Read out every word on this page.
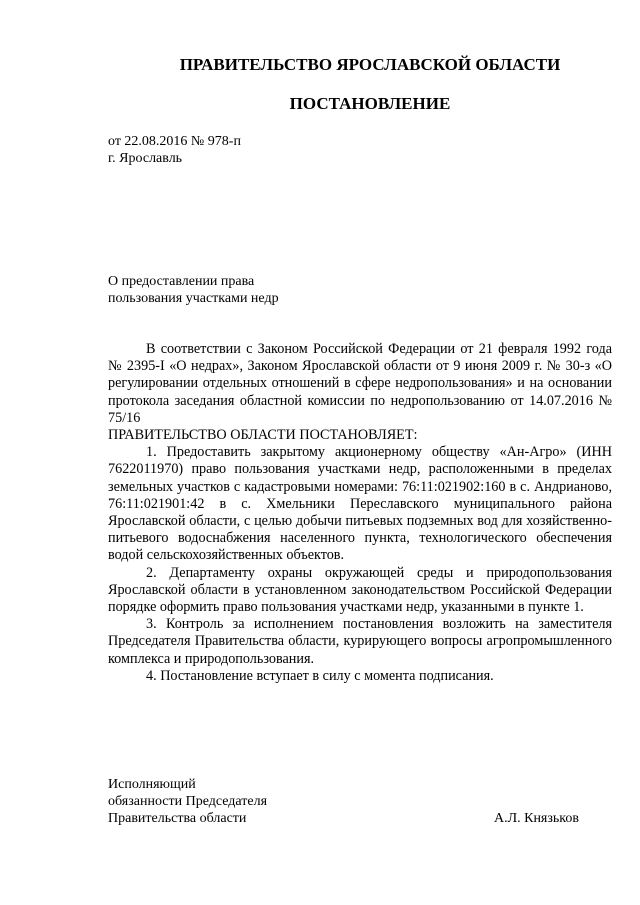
ПРАВИТЕЛЬСТВО ЯРОСЛАВСКОЙ ОБЛАСТИ
ПОСТАНОВЛЕНИЕ
от 22.08.2016 № 978-п
г. Ярославль
О предоставлении права
пользования участками недр

В соответствии с Законом Российской Федерации от 21 февраля 1992 года № 2395-I «О недрах», Законом Ярославской области от 9 июня 2009 г. № 30-з «О регулировании отдельных отношений в сфере недропользования» и на основании протокола заседания областной комиссии по недропользованию от 14.07.2016 № 75/16

ПРАВИТЕЛЬСТВО ОБЛАСТИ ПОСТАНОВЛЯЕТ:

1. Предоставить закрытому акционерному обществу «Ан-Агро» (ИНН 7622011970) право пользования участками недр, расположенными в пределах земельных участков с кадастровыми номерами: 76:11:021902:160 в с. Андрианово, 76:11:021901:42 в с. Хмельники Переславского муниципального района Ярославской области, с целью добычи питьевых подземных вод для хозяйственно-питьевого водоснабжения населенного пункта, технологического обеспечения водой сельскохозяйственных объектов.

2. Департаменту охраны окружающей среды и природопользования Ярославской области в установленном законодательством Российской Федерации порядке оформить право пользования участками недр, указанными в пункте 1.

3. Контроль за исполнением постановления возложить на заместителя Председателя Правительства области, курирующего вопросы агропромышленного комплекса и природопользования.

4. Постановление вступает в силу с момента подписания.

Исполняющий
обязанности Председателя
Правительства области	А.Л. Князьков
